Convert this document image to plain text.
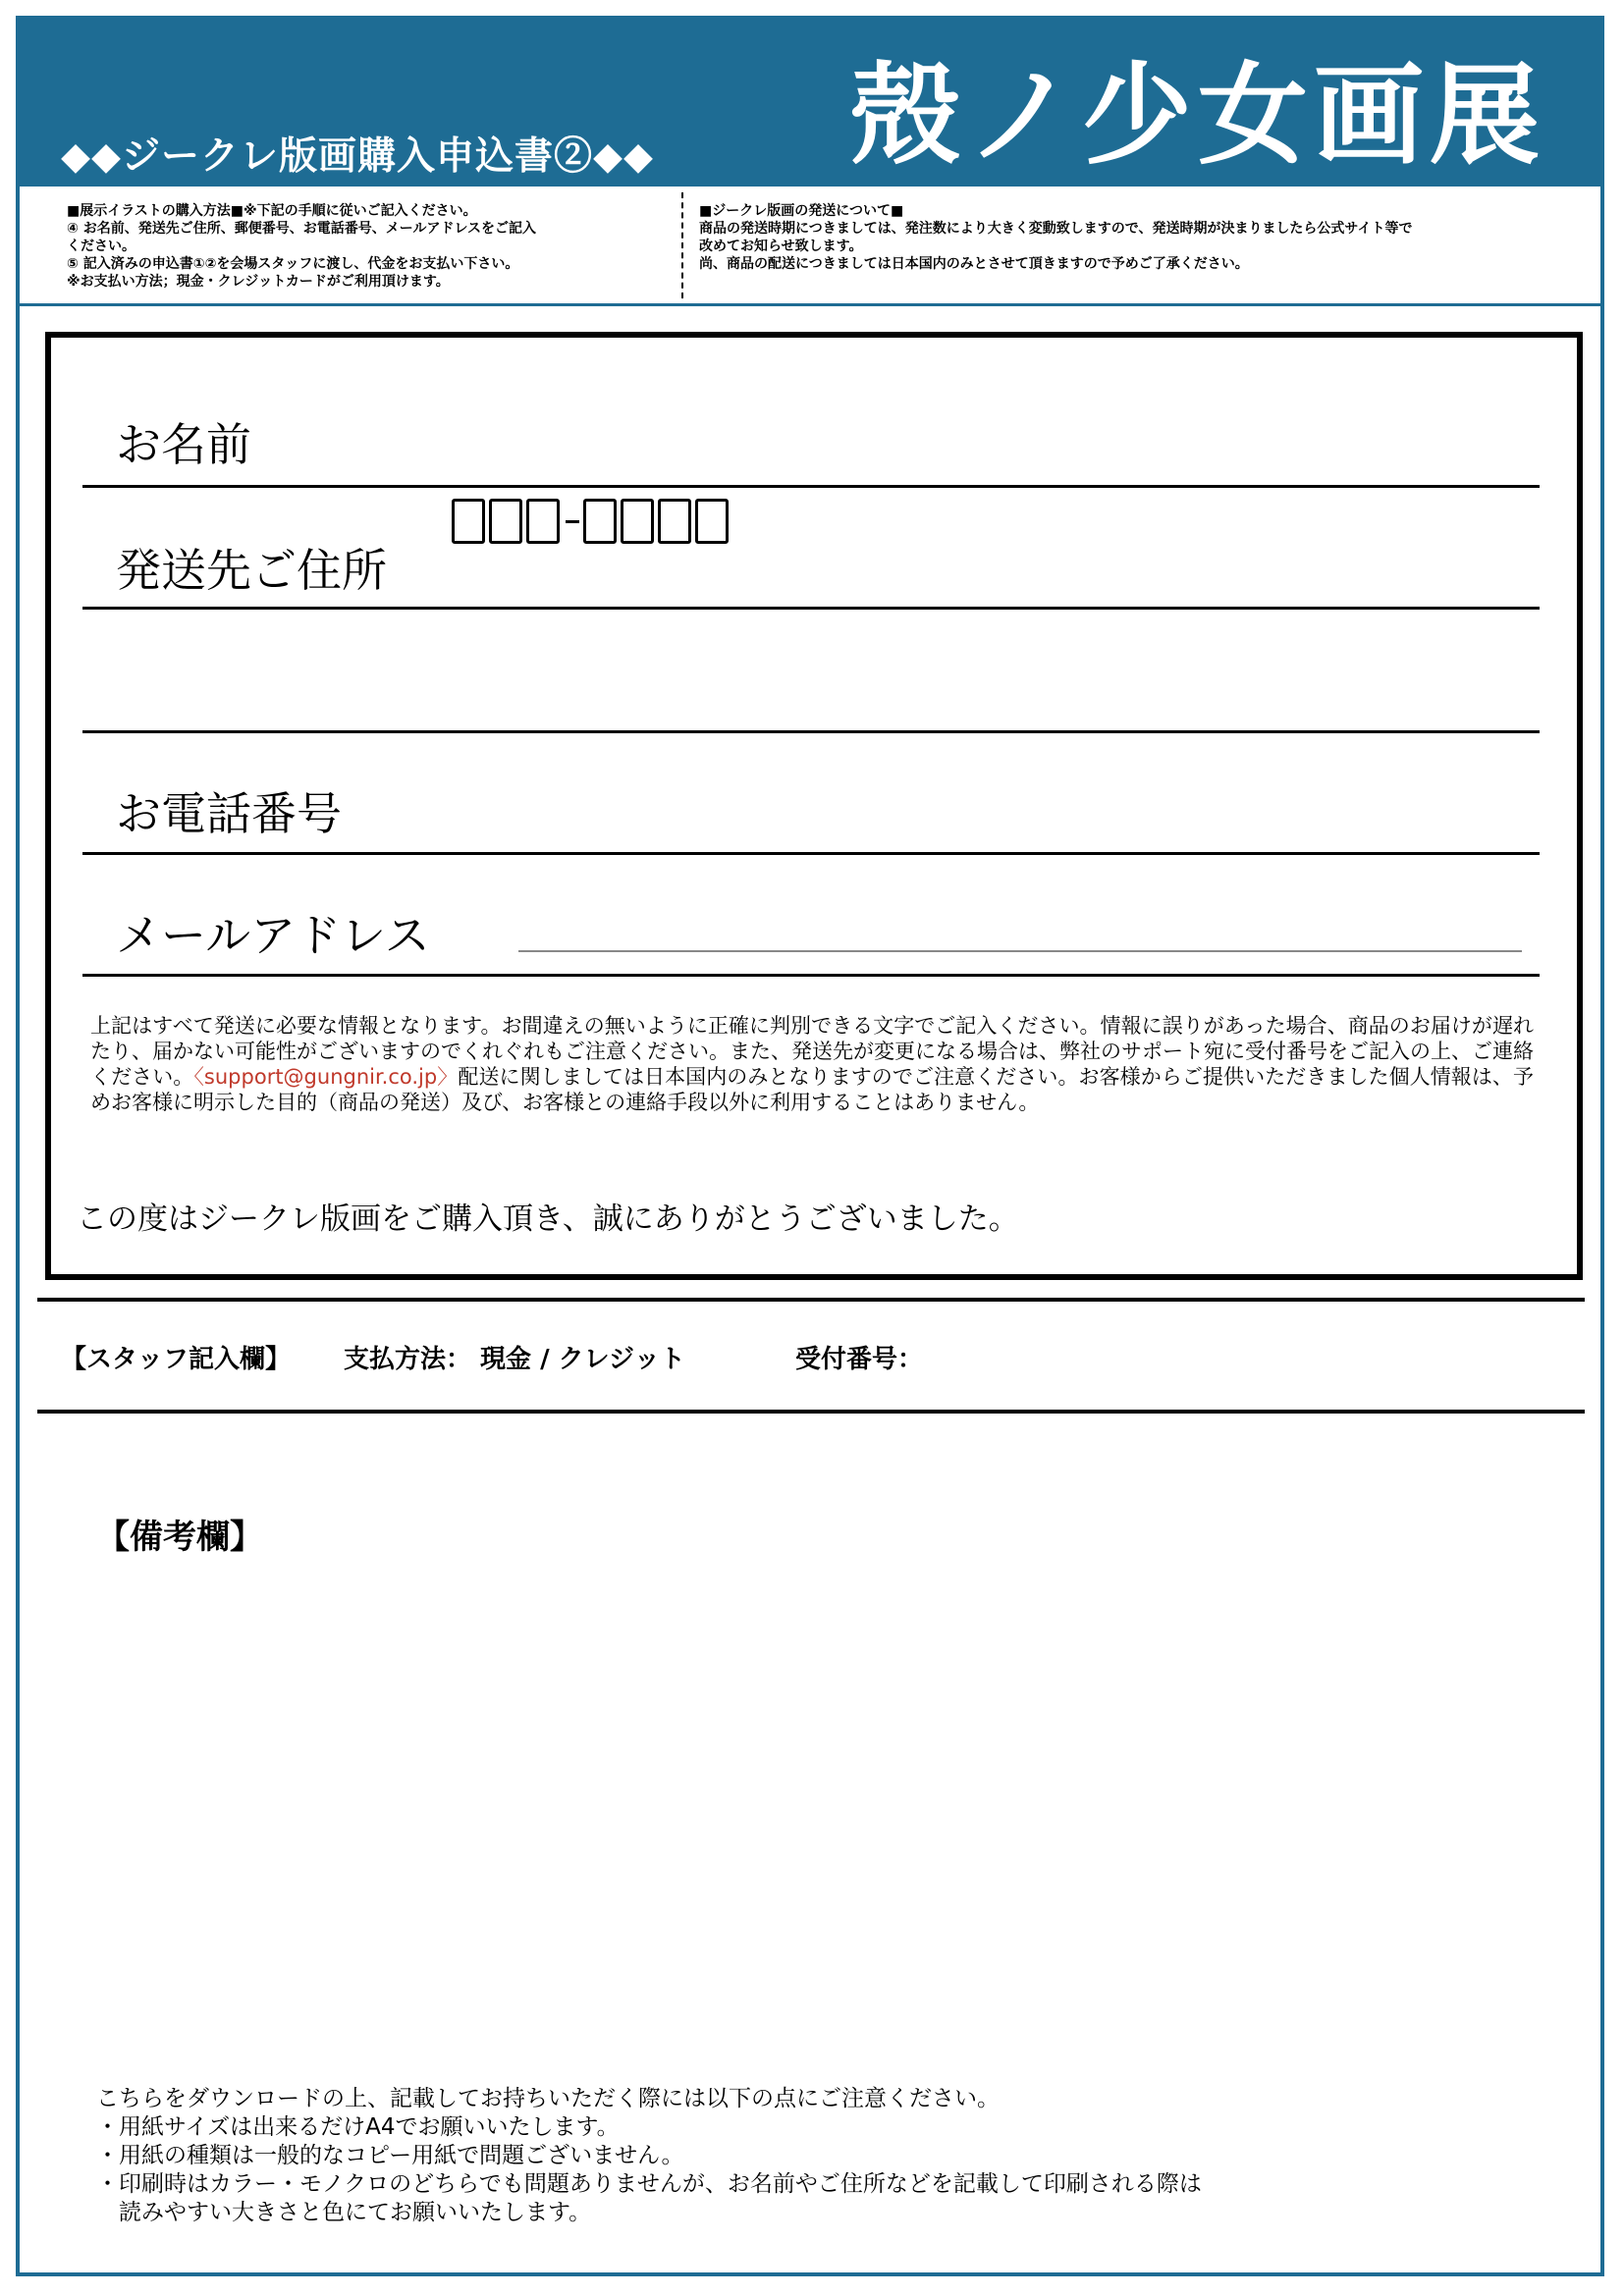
◆◆ジークレ版画購入申込書②◆◆ 殻ノ少女画展
■展示イラストの購入方法■※下記の手順に従いご記入ください。
④ お名前、発送先ご住所、郵便番号、お電話番号、メールアドレスをご記入
ください。
⑤ 記入済みの申込書①②を会場スタッフに渡し、代金をお支払い下さい。
※お支払い方法；現金・クレジットカードがご利用頂けます。
■ジークレ版画の発送について■
商品の発送時期につきましては、発注数により大きく変動致しますので、発送時期が決まりましたら公式サイト等で
改めてお知らせ致します。
尚、商品の配送につきましては日本国内のみとさせて頂きますので予めご了承ください。
お名前
発送先ご住所
お電話番号
メールアドレス
上記はすべて発送に必要な情報となります。お間違えの無いように正確に判別できる文字でご記入ください。情報に誤りがあった場合、商品のお届けが遅れたり、届かない可能性がございますのでくれぐれもご注意ください。また、発送先が変更になる場合は、弊社のサポート宛に受付番号をご記入の上、ご連絡ください。〈support@gungnir.co.jp〉配送に関しましては日本国内のみとなりますのでご注意ください。お客様からご提供いただきました個人情報は、予めお客様に明示した目的（商品の発送）及び、お客様との連絡手段以外に利用することはありません。
この度はジークレ版画をご購入頂き、誠にありがとうございました。
【スタッフ記入欄】 支払方法： 現金 / クレジット	受付番号：
【備考欄】
こちらをダウンロードの上、記載してお持ちいただく際には以下の点にご注意ください。
・用紙サイズは出来るだけA4でお願いいたします。
・用紙の種類は一般的なコピー用紙で問題ございません。
・印刷時はカラー・モノクロのどちらでも問題ありませんが、お名前やご住所などを記載して印刷される際は
　読みやすい大きさと色にてお願いいたします。
